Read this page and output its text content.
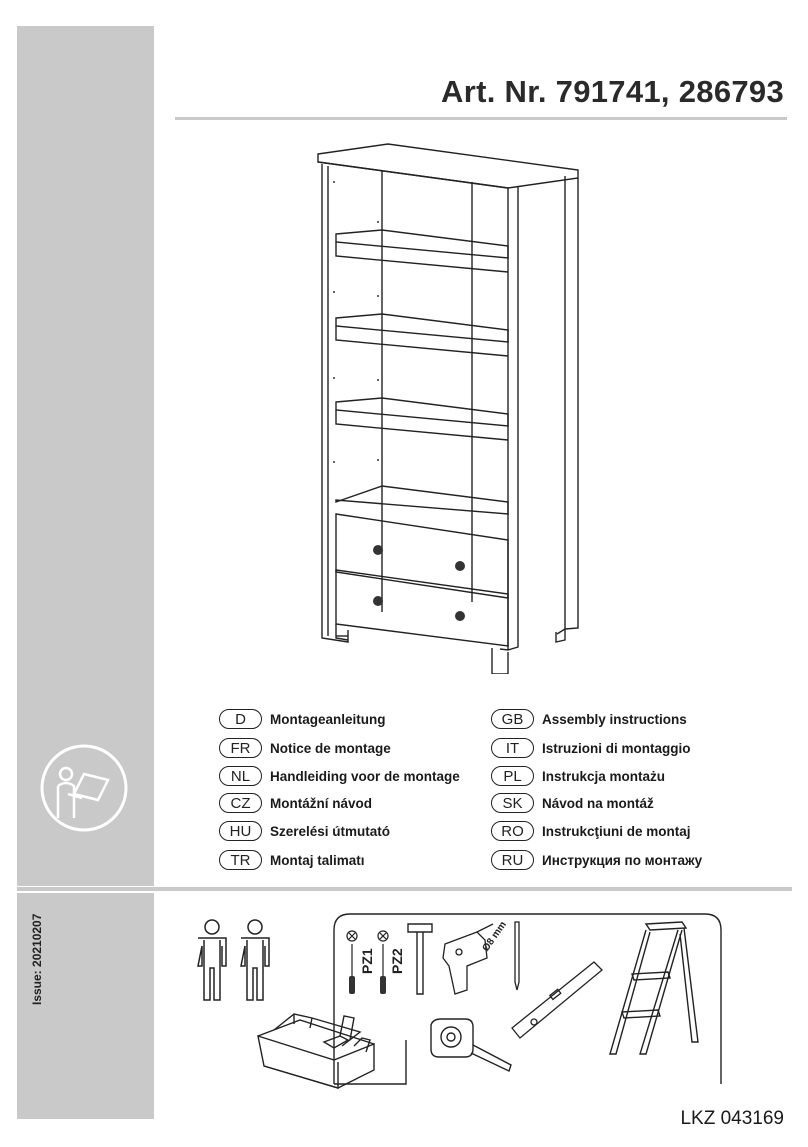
Art. Nr. 791741, 286793
Issue: 20210207
D	Montageanleitung
FR	Notice de montage
NL	Handleiding voor de montage
CZ	Montážní návod
HU	Szerelési útmutató
TR	Montaj talimatı
GB	Assembly instructions
IT	Istruzioni di montaggio
PL	Instrukcja montażu
SK	Návod na montáž
RO	Instrukcţiuni de montaj
RU	Инструкция по монтажу
PZ1 PZ2
Ø8 mm
LKZ 043169
